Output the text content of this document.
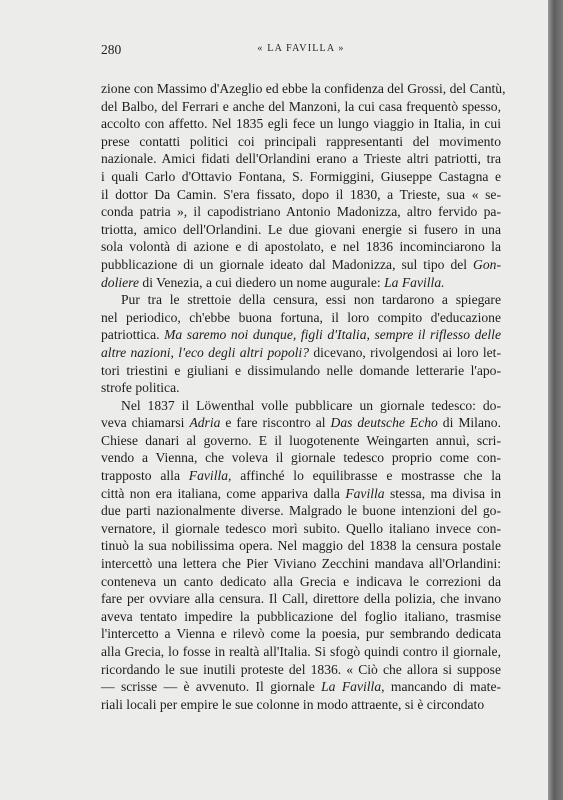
280	« LA FAVILLA »
zione con Massimo d'Azeglio ed ebbe la confidenza del Grossi, del Cantù,
del Balbo, del Ferrari e anche del Manzoni, la cui casa frequentò spesso,
accolto con affetto. Nel 1835 egli fece un lungo viaggio in Italia, in cui
prese contatti politici coi principali rappresentanti del movimento
nazionale. Amici fidati dell'Orlandini erano a Trieste altri patriotti, tra
i quali Carlo d'Ottavio Fontana, S. Formiggini, Giuseppe Castagna e
il dottor Da Camin. S'era fissato, dopo il 1830, a Trieste, sua « se-
conda patria », il capodistriano Antonio Madonizza, altro fervido pa-
triotta, amico dell'Orlandini. Le due giovani energie si fusero in una
sola volontà di azione e di apostolato, e nel 1836 incominciarono la
pubblicazione di un giornale ideato dal Madonizza, sul tipo del Gon-
doliere di Venezia, a cui diedero un nome augurale: La Favilla.
Pur tra le strettoie della censura, essi non tardarono a spiegare
nel periodico, ch'ebbe buona fortuna, il loro compito d'educazione
patriottica. Ma saremo noi dunque, figli d'Italia, sempre il riflesso delle
altre nazioni, l'eco degli altri popoli? dicevano, rivolgendosi ai loro let-
tori triestini e giuliani e dissimulando nelle domande letterarie l'apo-
strofe politica.
Nel 1837 il Löwenthal volle pubblicare un giornale tedesco: do-
veva chiamarsi Adria e fare riscontro al Das deutsche Echo di Milano.
Chiese danari al governo. E il luogotenente Weingarten annuì, scri-
vendo a Vienna, che voleva il giornale tedesco proprio come con-
trapposto alla Favilla, affinché lo equilibrasse e mostrasse che la
città non era italiana, come appariva dalla Favilla stessa, ma divisa in
due parti nazionalmente diverse. Malgrado le buone intenzioni del go-
vernatore, il giornale tedesco morì subito. Quello italiano invece con-
tinuò la sua nobilissima opera. Nel maggio del 1838 la censura postale
intercettò una lettera che Pier Viviano Zecchini mandava all'Orlandini:
conteneva un canto dedicato alla Grecia e indicava le correzioni da
fare per ovviare alla censura. Il Call, direttore della polizia, che invano
aveva tentato impedire la pubblicazione del foglio italiano, trasmise
l'intercetto a Vienna e rilevò come la poesia, pur sembrando dedicata
alla Grecia, lo fosse in realtà all'Italia. Si sfogò quindi contro il giornale,
ricordando le sue inutili proteste del 1836. « Ciò che allora si suppose
— scrisse — è avvenuto. Il giornale La Favilla, mancando di mate-
riali locali per empire le sue colonne in modo attraente, si è circondato
